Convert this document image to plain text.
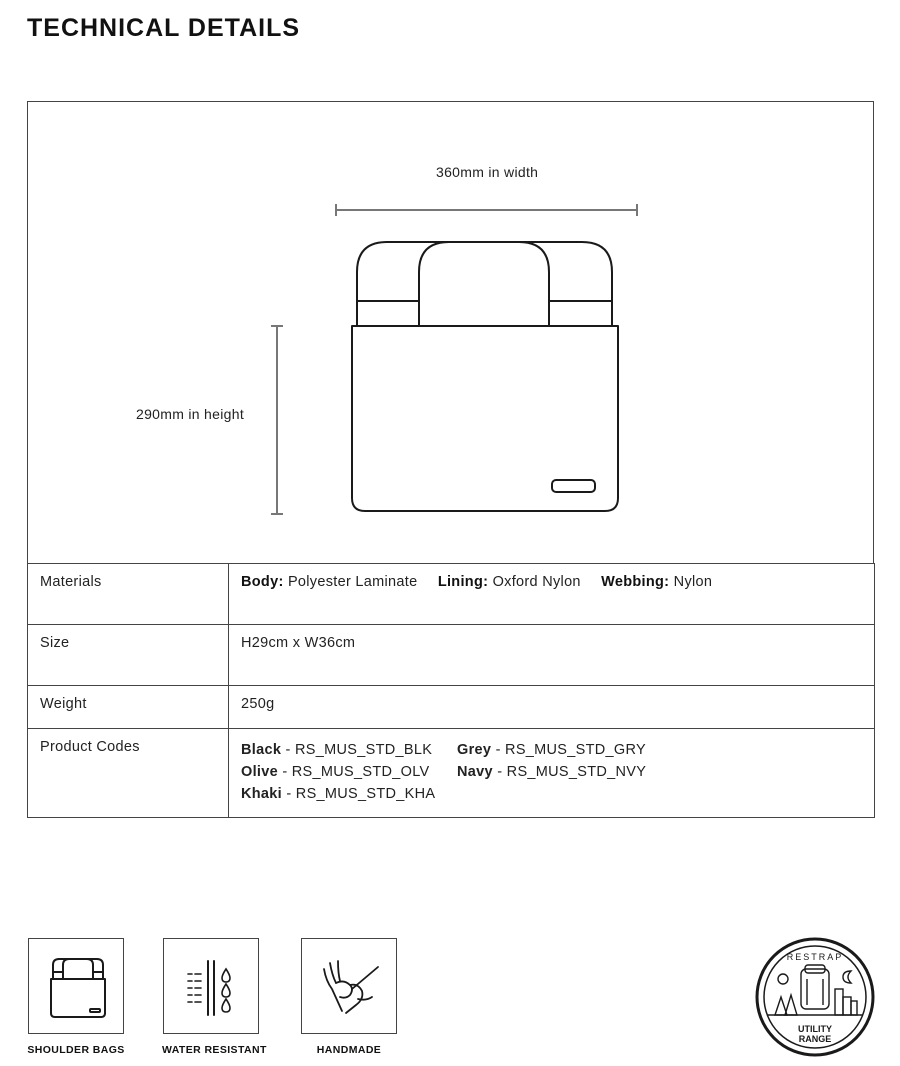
TECHNICAL DETAILS
360mm in width
290mm in height
Materials	Body: Polyester Laminate Lining: Oxford Nylon Webbing: Nylon
Size	H29cm x W36cm
Weight	250g
Product Codes	Black - RS_MUS_STD_BLK Grey - RS_MUS_STD_GRY
Olive - RS_MUS_STD_OLV Navy - RS_MUS_STD_NVY
Khaki - RS_MUS_STD_KHA
SHOULDER BAGS	WATER RESISTANT	HANDMADE
RESTRAP
UTILITY
RANGE
